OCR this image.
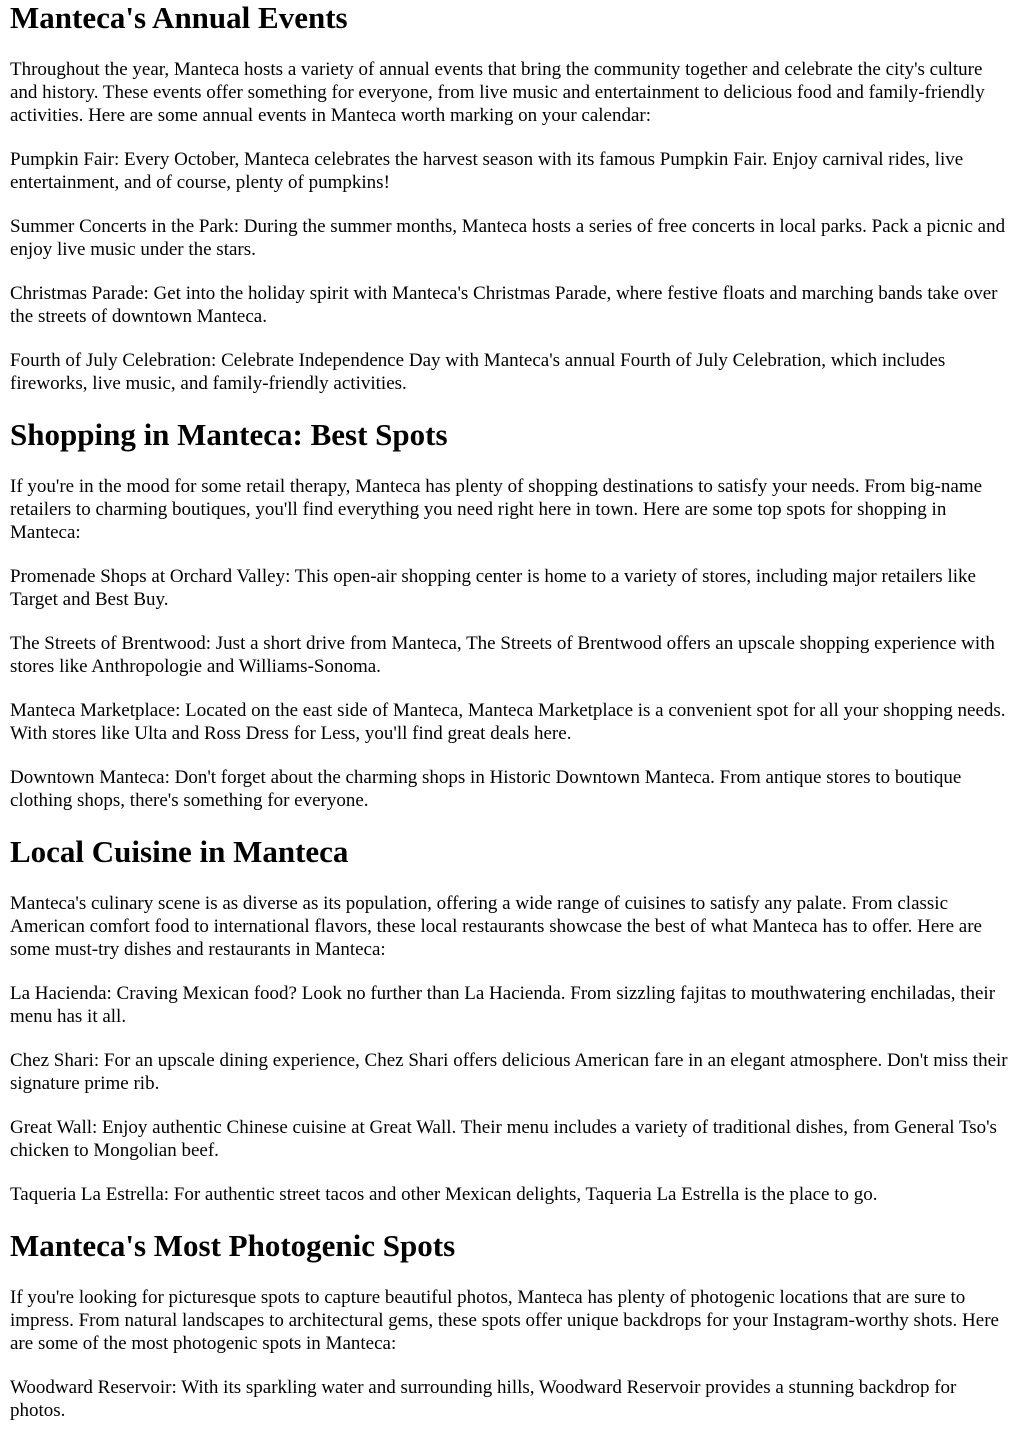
Manteca's Annual Events

Throughout the year, Manteca hosts a variety of annual events that bring the community together and celebrate the city's culture and history. These events offer something for everyone, from live music and entertainment to delicious food and family-friendly activities. Here are some annual events in Manteca worth marking on your calendar:

Pumpkin Fair: Every October, Manteca celebrates the harvest season with its famous Pumpkin Fair. Enjoy carnival rides, live entertainment, and of course, plenty of pumpkins!

Summer Concerts in the Park: During the summer months, Manteca hosts a series of free concerts in local parks. Pack a picnic and enjoy live music under the stars.

Christmas Parade: Get into the holiday spirit with Manteca's Christmas Parade, where festive floats and marching bands take over the streets of downtown Manteca.

Fourth of July Celebration: Celebrate Independence Day with Manteca's annual Fourth of July Celebration, which includes fireworks, live music, and family-friendly activities.

Shopping in Manteca: Best Spots

If you're in the mood for some retail therapy, Manteca has plenty of shopping destinations to satisfy your needs. From big-name retailers to charming boutiques, you'll find everything you need right here in town. Here are some top spots for shopping in Manteca:

Promenade Shops at Orchard Valley: This open-air shopping center is home to a variety of stores, including major retailers like Target and Best Buy.

The Streets of Brentwood: Just a short drive from Manteca, The Streets of Brentwood offers an upscale shopping experience with stores like Anthropologie and Williams-Sonoma.

Manteca Marketplace: Located on the east side of Manteca, Manteca Marketplace is a convenient spot for all your shopping needs. With stores like Ulta and Ross Dress for Less, you'll find great deals here.

Downtown Manteca: Don't forget about the charming shops in Historic Downtown Manteca. From antique stores to boutique clothing shops, there's something for everyone.

Local Cuisine in Manteca

Manteca's culinary scene is as diverse as its population, offering a wide range of cuisines to satisfy any palate. From classic American comfort food to international flavors, these local restaurants showcase the best of what Manteca has to offer. Here are some must-try dishes and restaurants in Manteca:

La Hacienda: Craving Mexican food? Look no further than La Hacienda. From sizzling fajitas to mouthwatering enchiladas, their menu has it all.

Chez Shari: For an upscale dining experience, Chez Shari offers delicious American fare in an elegant atmosphere. Don't miss their signature prime rib.

Great Wall: Enjoy authentic Chinese cuisine at Great Wall. Their menu includes a variety of traditional dishes, from General Tso's chicken to Mongolian beef.

Taqueria La Estrella: For authentic street tacos and other Mexican delights, Taqueria La Estrella is the place to go.

Manteca's Most Photogenic Spots

If you're looking for picturesque spots to capture beautiful photos, Manteca has plenty of photogenic locations that are sure to impress. From natural landscapes to architectural gems, these spots offer unique backdrops for your Instagram-worthy shots. Here are some of the most photogenic spots in Manteca:

Woodward Reservoir: With its sparkling water and surrounding hills, Woodward Reservoir provides a stunning backdrop for photos.
